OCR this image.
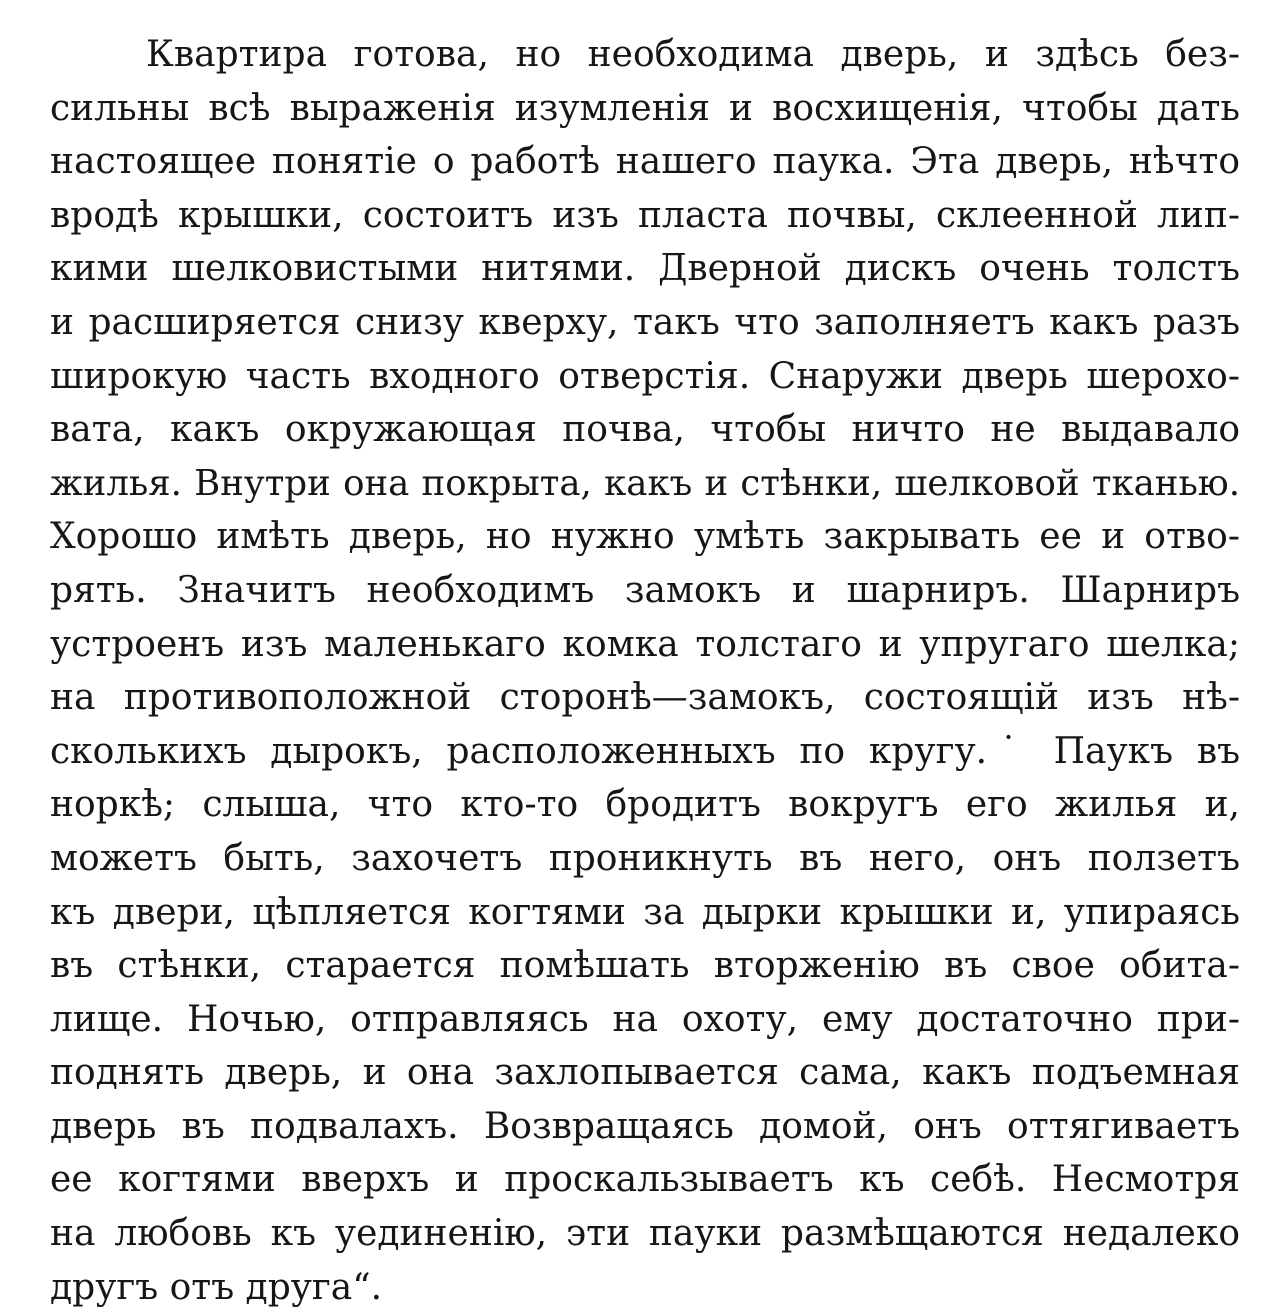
Квартира готова, но необходима дверь, и здѣсь без-
сильны всѣ выраженія изумленія и восхищенія, чтобы дать
настоящее понятіе о работѣ нашего паука. Эта дверь, нѣчто
вродѣ крышки, состоитъ изъ пласта почвы, склеенной лип-
кими шелковистыми нитями. Дверной дискъ очень толстъ
и расширяется снизу кверху, такъ что заполняетъ какъ разъ
широкую часть входного отверстія. Снаружи дверь шерохо-
вата, какъ окружающая почва, чтобы ничто не выдавало
жилья. Внутри она покрыта, какъ и стѣнки, шелковой тканью.
Хорошо имѣть дверь, но нужно умѣть закрывать ее и отво-
рять. Значитъ необходимъ замокъ и шарниръ. Шарниръ
устроенъ изъ маленькаго комка толстаго и упругаго шелка;
на противоположной сторонѣ—замокъ, состоящій изъ нѣ-
сколькихъ дырокъ, расположенныхъ по кругу.˙ Паукъ въ
норкѣ; слыша, что кто-то бродитъ вокругъ его жилья и,
можетъ быть, захочетъ проникнуть въ него, онъ ползетъ
къ двери, цѣпляется когтями за дырки крышки и, упираясь
въ стѣнки, старается помѣшать вторженію въ свое обита-
лище. Ночью, отправляясь на охоту, ему достаточно при-
поднять дверь, и она захлопывается сама, какъ подъемная
дверь въ подвалахъ. Возвращаясь домой, онъ оттягиваетъ
ее когтями вверхъ и проскальзываетъ къ себѣ. Несмотря
на любовь къ уединенію, эти пауки размѣщаются недалеко
другъ отъ друга“.
